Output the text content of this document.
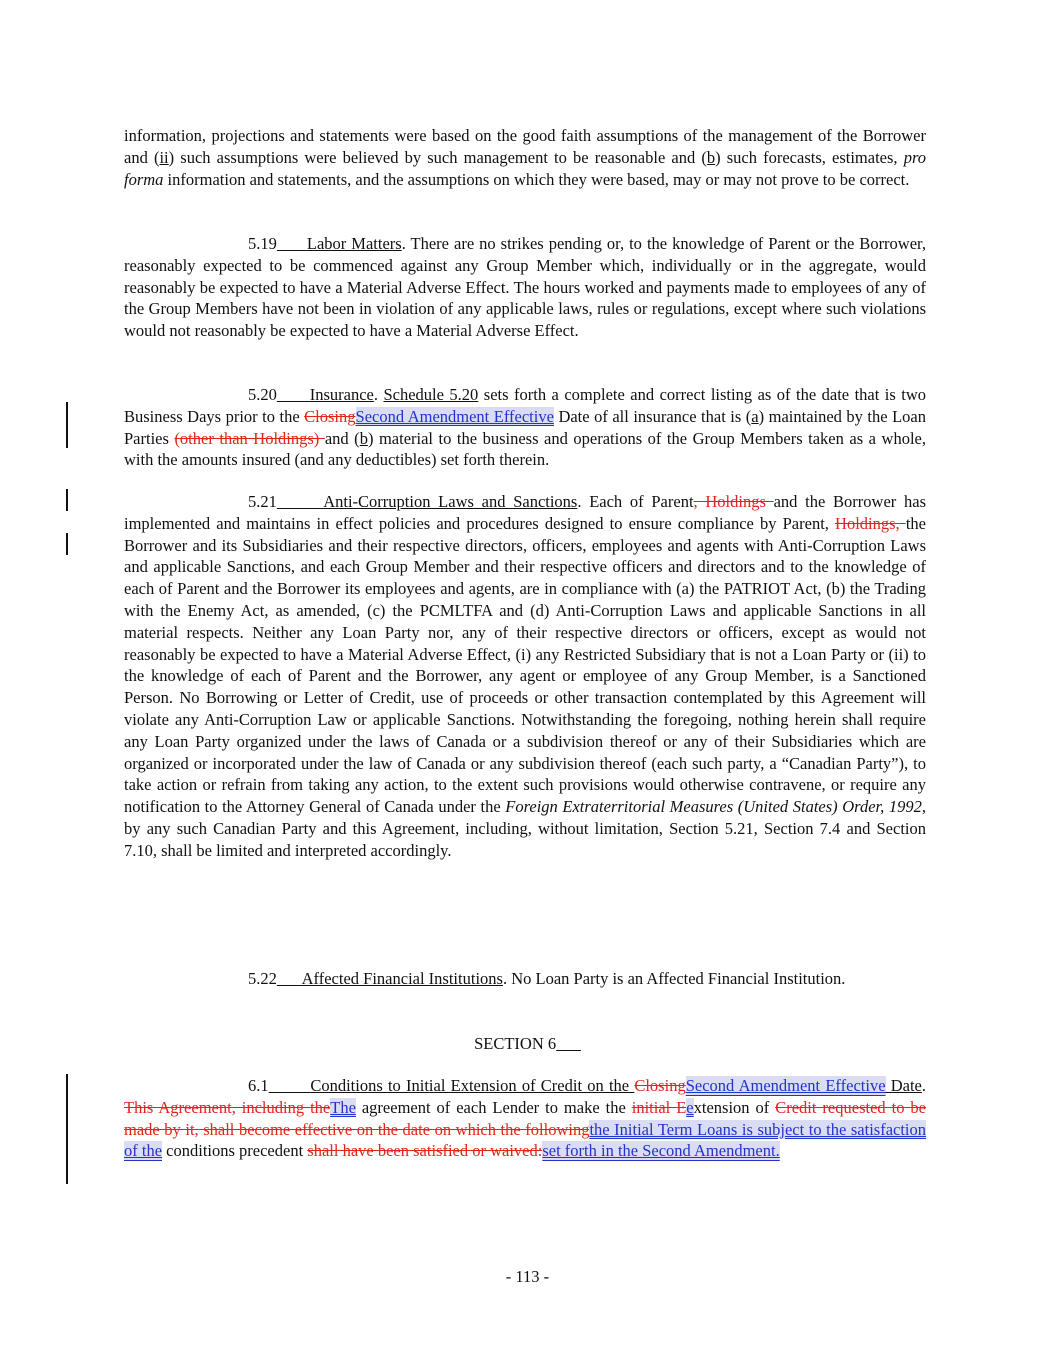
information, projections and statements were based on the good faith assumptions of the management of the Borrower and (ii) such assumptions were believed by such management to be reasonable and (b) such forecasts, estimates, pro forma information and statements, and the assumptions on which they were based, may or may not prove to be correct.

5.19 Labor Matters. There are no strikes pending or, to the knowledge of Parent or the Borrower, reasonably expected to be commenced against any Group Member which, individually or in the aggregate, would reasonably be expected to have a Material Adverse Effect. The hours worked and payments made to employees of any of the Group Members have not been in violation of any applicable laws, rules or regulations, except where such violations would not reasonably be expected to have a Material Adverse Effect.

5.20 Insurance. Schedule 5.20 sets forth a complete and correct listing as of the date that is two Business Days prior to the ClosingSecond Amendment Effective Date of all insurance that is (a) maintained by the Loan Parties (other than Holdings) and (b) material to the business and operations of the Group Members taken as a whole, with the amounts insured (and any deductibles) set forth therein.

5.21	Anti-Corruption Laws and Sanctions. Each of Parent, Holdings and the Borrower has implemented and maintains in effect policies and procedures designed to ensure compliance by Parent, Holdings, the Borrower and its Subsidiaries and their respective directors, officers, employees and agents with Anti-Corruption Laws and applicable Sanctions, and each Group Member and their respective officers and directors and to the knowledge of each of Parent and the Borrower its employees and agents, are in compliance with (a) the PATRIOT Act, (b) the Trading with the Enemy Act, as amended, (c) the PCMLTFA and (d) Anti-Corruption Laws and applicable Sanctions in all material respects. Neither any Loan Party nor, any of their respective directors or officers, except as would not reasonably be expected to have a Material Adverse Effect, (i) any Restricted Subsidiary that is not a Loan Party or (ii) to the knowledge of each of Parent and the Borrower, any agent or employee of any Group Member, is a Sanctioned Person. No Borrowing or Letter of Credit, use of proceeds or other transaction contemplated by this Agreement will violate any Anti-Corruption Law or applicable Sanctions. Notwithstanding the foregoing, nothing herein shall require any Loan Party organized under the laws of Canada or a subdivision thereof or any of their Subsidiaries which are organized or incorporated under the law of Canada or any subdivision thereof (each such party, a “Canadian Party”), to take action or refrain from taking any action, to the extent such provisions would otherwise contravene, or require any notification to the Attorney General of Canada under the Foreign Extraterritorial Measures (United States) Order, 1992, by any such Canadian Party and this Agreement, including, without limitation, Section 5.21, Section 7.4 and Section 7.10, shall be limited and interpreted accordingly.

5.22 Affected Financial Institutions. No Loan Party is an Affected Financial Institution.

SECTION 6

6.1	Conditions to Initial Extension of Credit on the ClosingSecond Amendment Effective Date. This Agreement, including theThe agreement of each Lender to make the initial Eextension of Credit requested to be made by it, shall become effective on the date on which the followingthe Initial Term Loans is subject to the satisfaction of the conditions precedent shall have been satisfied or waived:set forth in the Second Amendment.

- 113 -
